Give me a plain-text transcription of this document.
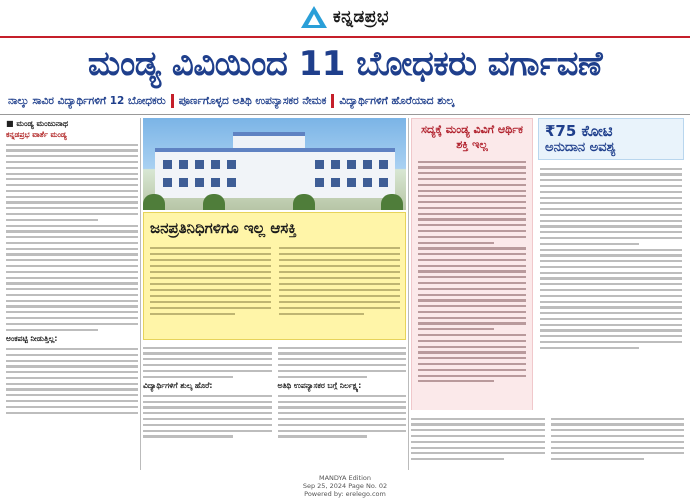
ಕನ್ನಡಪ್ರಭ
ಮಂಡ್ಯ ವಿವಿಯಿಂದ 11 ಬೋಧಕರು ವರ್ಗಾವಣೆ
ನಾಲ್ಕು ಸಾವಿರ ವಿದ್ಯಾರ್ಥಿಗಳಿಗೆ 12 ಬೋಧಕರು ಪೂರ್ಣಗೊಳ್ಳದ ಅತಿಥಿ ಉಪನ್ಯಾಸಕರ ನೇಮಕ ವಿದ್ಯಾರ್ಥಿಗಳಿಗೆ ಹೊರೆಯಾದ ಶುಲ್ಕ
■ ಮಂಡ್ಯ ಮಂಜುನಾಥ
ಕನ್ನಡಪ್ರಭ ವಾರ್ತೆ ಮಂಡ್ಯ
ಅಂಕಪಟ್ಟಿ ನೀಡುತ್ತಿಲ್ಲ:
ಜನಪ್ರತಿನಿಧಿಗಳಿಗೂ ಇಲ್ಲ ಆಸಕ್ತಿ
ವಿದ್ಯಾರ್ಥಿಗಳಿಗೆ ಶುಲ್ಕ ಹೊರೆ:	ಅತಿಥಿ ಉಪನ್ಯಾಸಕರ ಬಗ್ಗೆ ನಿರ್ಲಕ್ಷ್ಯ:
ಸದ್ಯಕ್ಕೆ ಮಂಡ್ಯ ವಿವಿಗೆ ಆರ್ಥಿಕ ಶಕ್ತಿ ಇಲ್ಲ
₹75 ಕೋಟಿ
ಅನುದಾನ ಅವಶ್ಯ
MANDYA Edition
Sep 25, 2024 Page No. 02
Powered by: erelego.com
